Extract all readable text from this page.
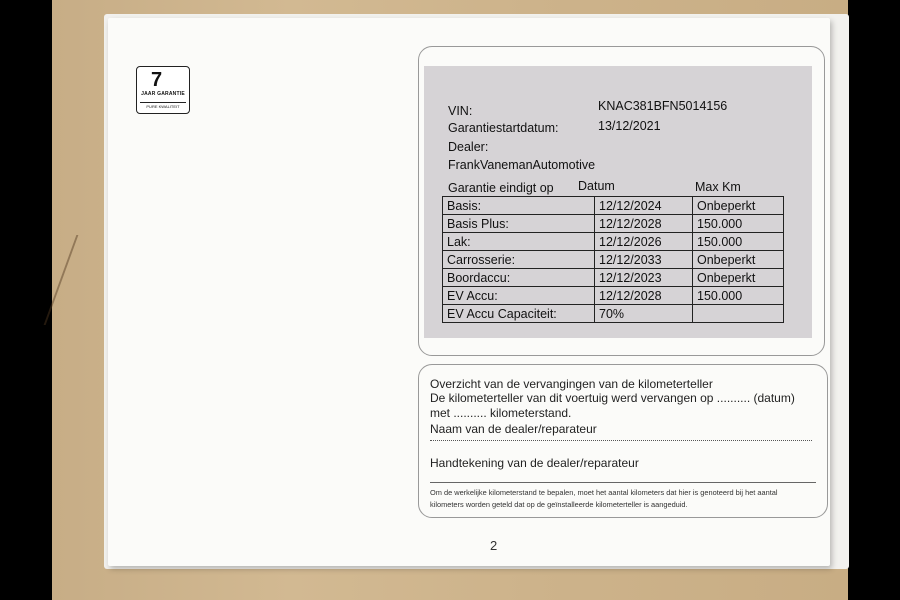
7
JAAR GARANTIE
PURE KWALITEIT	VIN:	KNAC381BFN5014156
Garantiestartdatum:	13/12/2021
Dealer:
FrankVanemanAutomotive
Garantie eindigt op Datum	Max Km
Basis:	12/12/2024	Onbeperkt
Basis Plus:	12/12/2028	150.000
Lak:	12/12/2026	150.000
Carrosserie:	12/12/2033	Onbeperkt
Boordaccu:	12/12/2023	Onbeperkt
EV Accu:	12/12/2028	150.000
EV Accu Capaciteit:	70%	
Overzicht van de vervangingen van de kilometerteller
De kilometerteller van dit voertuig werd vervangen op .......... (datum)
met .......... kilometerstand.
Naam van de dealer/reparateur
Handtekening van de dealer/reparateur
Om de werkelijke kilometerstand te bepalen, moet het aantal kilometers dat hier is genoteerd bij het aantal
kilometers worden geteld dat op de geïnstalleerde kilometerteller is aangeduid.
2
